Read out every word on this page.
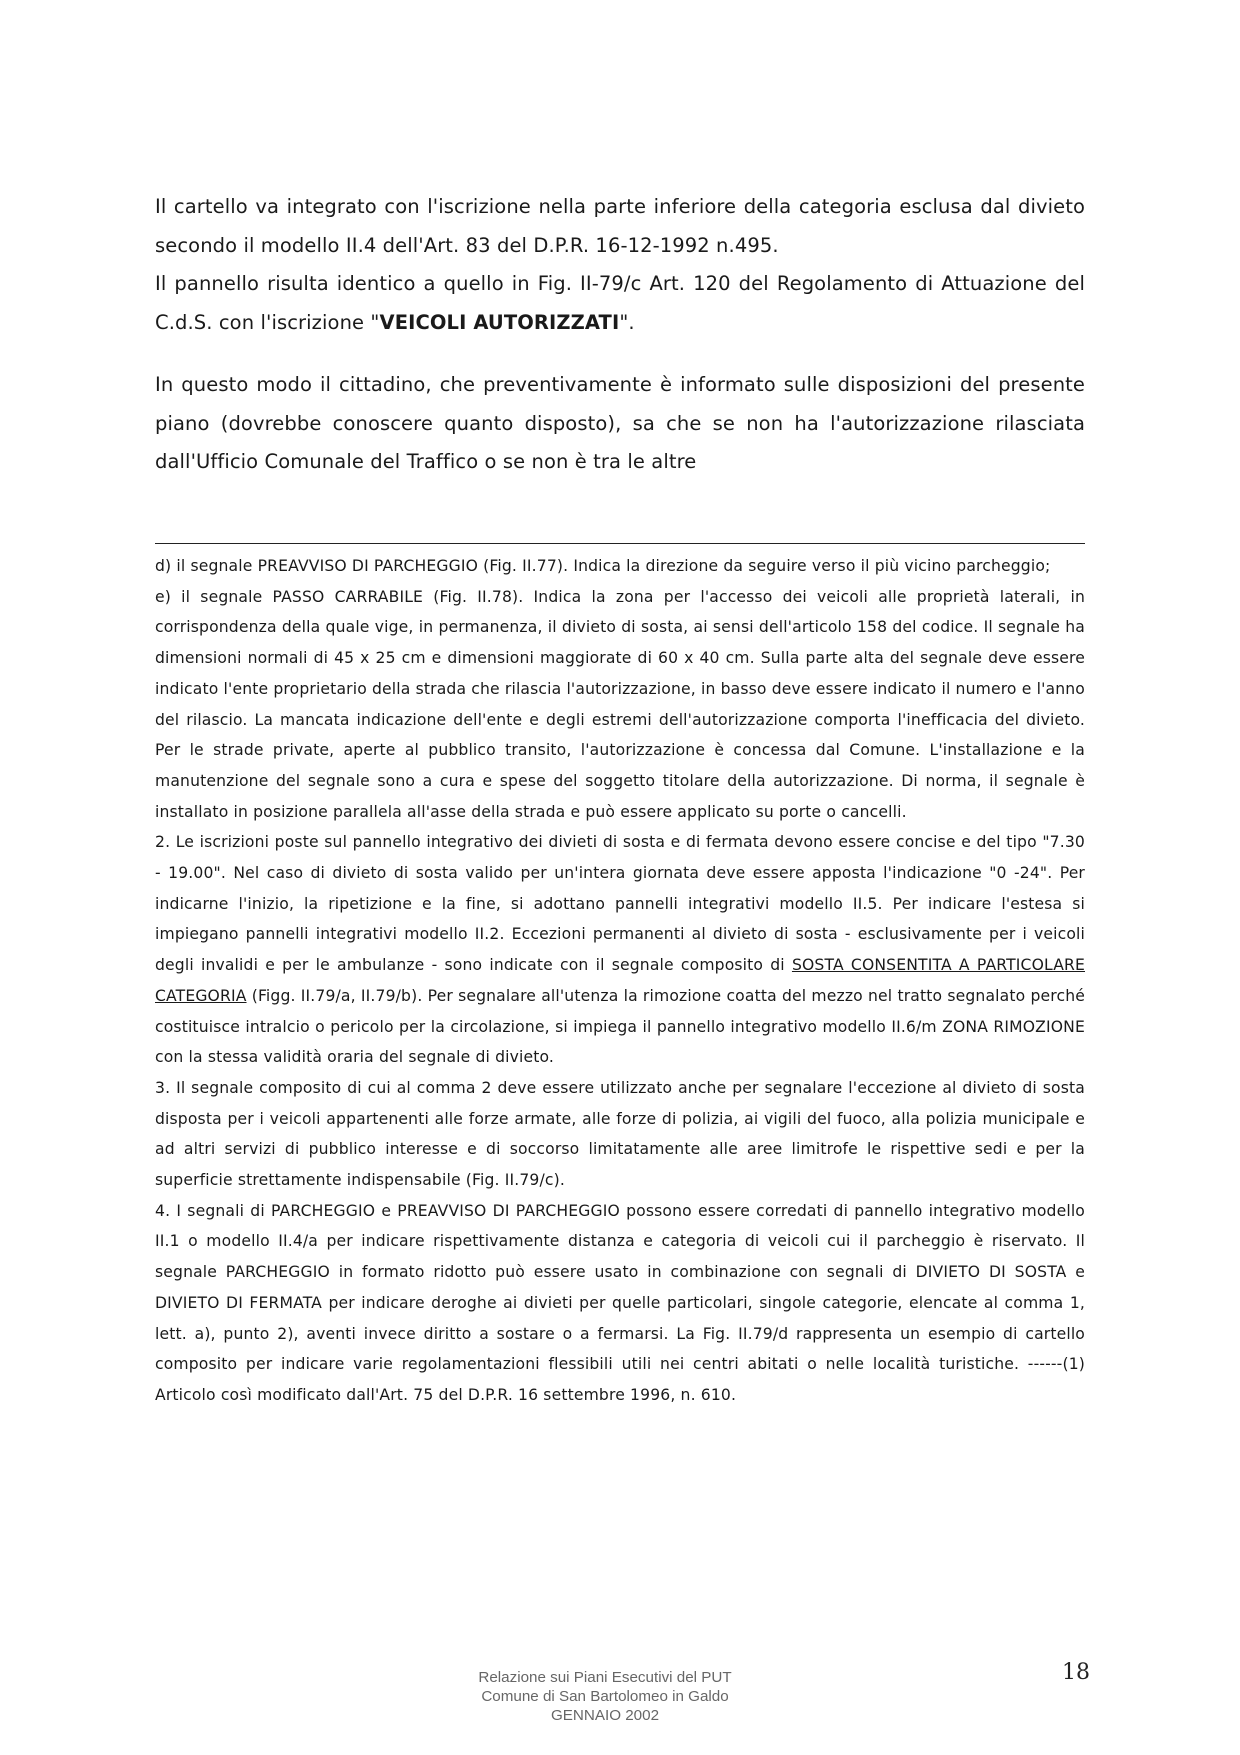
Il cartello va integrato con l'iscrizione nella parte inferiore della categoria esclusa dal divieto secondo il modello II.4 dell'Art. 83 del D.P.R. 16-12-1992 n.495.

Il pannello risulta identico a quello in Fig. II-79/c Art. 120 del Regolamento di Attuazione del C.d.S. con l'iscrizione "VEICOLI AUTORIZZATI".

In questo modo il cittadino, che preventivamente è informato sulle disposizioni del presente piano (dovrebbe conoscere quanto disposto), sa che se non ha l'autorizzazione rilasciata dall'Ufficio Comunale del Traffico o se non è tra le altre

d) il segnale PREAVVISO DI PARCHEGGIO (Fig. II.77). Indica la direzione da seguire verso il più vicino parcheggio;

e) il segnale PASSO CARRABILE (Fig. II.78). Indica la zona per l'accesso dei veicoli alle proprietà laterali, in corrispondenza della quale vige, in permanenza, il divieto di sosta, ai sensi dell'articolo 158 del codice. Il segnale ha dimensioni normali di 45 x 25 cm e dimensioni maggiorate di 60 x 40 cm. Sulla parte alta del segnale deve essere indicato l'ente proprietario della strada che rilascia l'autorizzazione, in basso deve essere indicato il numero e l'anno del rilascio. La mancata indicazione dell'ente e degli estremi dell'autorizzazione comporta l'inefficacia del divieto. Per le strade private, aperte al pubblico transito, l'autorizzazione è concessa dal Comune. L'installazione e la manutenzione del segnale sono a cura e spese del soggetto titolare della autorizzazione. Di norma, il segnale è installato in posizione parallela all'asse della strada e può essere applicato su porte o cancelli.

2. Le iscrizioni poste sul pannello integrativo dei divieti di sosta e di fermata devono essere concise e del tipo "7.30 - 19.00". Nel caso di divieto di sosta valido per un'intera giornata deve essere apposta l'indicazione "0 -24". Per indicarne l'inizio, la ripetizione e la fine, si adottano pannelli integrativi modello II.5. Per indicare l'estesa si impiegano pannelli integrativi modello II.2. Eccezioni permanenti al divieto di sosta - esclusivamente per i veicoli degli invalidi e per le ambulanze - sono indicate con il segnale composito di SOSTA CONSENTITA A PARTICOLARE CATEGORIA (Figg. II.79/a, II.79/b). Per segnalare all'utenza la rimozione coatta del mezzo nel tratto segnalato perché costituisce intralcio o pericolo per la circolazione, si impiega il pannello integrativo modello II.6/m ZONA RIMOZIONE con la stessa validità oraria del segnale di divieto.

3. Il segnale composito di cui al comma 2 deve essere utilizzato anche per segnalare l'eccezione al divieto di sosta disposta per i veicoli appartenenti alle forze armate, alle forze di polizia, ai vigili del fuoco, alla polizia municipale e ad altri servizi di pubblico interesse e di soccorso limitatamente alle aree limitrofe le rispettive sedi e per la superficie strettamente indispensabile (Fig. II.79/c).

4. I segnali di PARCHEGGIO e PREAVVISO DI PARCHEGGIO possono essere corredati di pannello integrativo modello II.1 o modello II.4/a per indicare rispettivamente distanza e categoria di veicoli cui il parcheggio è riservato. Il segnale PARCHEGGIO in formato ridotto può essere usato in combinazione con segnali di DIVIETO DI SOSTA e DIVIETO DI FERMATA per indicare deroghe ai divieti per quelle particolari, singole categorie, elencate al comma 1, lett. a), punto 2), aventi invece diritto a sostare o a fermarsi. La Fig. II.79/d rappresenta un esempio di cartello composito per indicare varie regolamentazioni flessibili utili nei centri abitati o nelle località turistiche. ------(1) Articolo così modificato dall'Art. 75 del D.P.R. 16 settembre 1996, n. 610.

Relazione sui Piani Esecutivi del PUT
Comune di San Bartolomeo in Galdo
GENNAIO 2002
18
